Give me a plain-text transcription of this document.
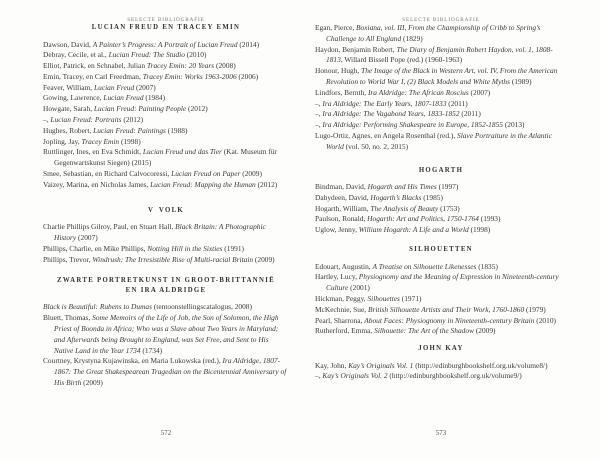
SELECTE BIBLIOGRAFIE
LUCIAN FREUD EN TRACEY EMIN

Dawson, David, A Painter’s Progress: A Portrait of Lucian Freud (2014)

Debray, Cecile, et al., Lucian Freud: The Studio (2010)

Elliot, Patrick, en Schnabel, Julian Tracey Emin: 20 Years (2008)

Emin, Tracey, en Carl Freedman, Tracey Emin: Works 1963-2006 (2006)

Feaver, William, Lucian Freud (2007)

Gowing, Lawrence, Lucian Freud (1984)

Howgate, Sarah, Lucian Freud: Painting People (2012)

–, Lucian Freud: Portraits (2012)

Hughes, Robert, Lucian Freud: Paintings (1988)

Jopling, Jay, Tracey Emin (1998)

Ruttlinger, Ines, en Eva Schmidt, Lucian Freud und das Tier (Kat. Museum für Gegenwartskunst Siegen) (2015)

Smee, Sebastian, en Richard Calvocoressi, Lucian Freud on Paper (2009)

Vaizey, Marina, en Nicholas James, Lucian Freud: Mapping the Human (2012)

V VOLK

Charlie Phillips Gilroy, Paul, en Stuart Hall, Black Britain: A Photographic History (2007)

Phillips, Charlie, en Mike Phillips, Notting Hill in the Sixties (1991)

Phillips, Trevor, Windrush: The Irresistible Rise of Multi-racial Britain (2009)

ZWARTE PORTRETKUNST IN GROOT-BRITTANNIË
EN IRA ALDRIDGE

Black is Beautiful: Rubens to Dumas (tentoonstellingscatalogus, 2008)

Bluett, Thomas, Some Memoirs of the Life of Job, the Son of Solomon, the High Priest of Boonda in Africa; Who was a Slave about Two Years in Maryland; and Afterwards being Brought to England, was Set Free, and Sent to His Native Land in the Year 1734 (1734)

Courtney, Krystyna Kujawinska, en Maria Lukowska (red.), Ira Aldridge, 1807-1867: The Great Shakespearean Tragedian on the Bicentennial Anniversary of His Birth (2009)

572
SELECTE BIBLIOGRAFIE

Egan, Pierce, Boxiana, vol. III, From the Championship of Cribb to Spring’s Challenge to All England (1829)

Haydon, Benjamin Robert, The Diary of Benjamin Robert Haydon, vol. 1, 1808-1813, Willard Bissell Pope (red.) (1960-1963)

Honour, Hugh, The Image of the Black in Western Art, vol. IV, From the American Revolution to World War I, (2) Black Models and White Myths (1989)

Lindfors, Bernth, Ira Aldridge: The African Roscius (2007)

–, Ira Aldridge: The Early Years, 1807-1833 (2011)

–, Ira Aldridge: The Vagabond Years, 1833-1852 (2011)

–, Ira Aldridge: Performing Shakespeare in Europe, 1852-1855 (2013)

Lugo-Ortiz, Agnes, en Angela Rosenthal (red.), Slave Portraiture in the Atlantic World (vol. 50, no. 2, 2015)

HOGARTH

Bindman, David, Hogarth and His Times (1997)

Dabydeen, David, Hogarth’s Blacks (1985)

Hogarth, William, The Analysis of Beauty (1753)

Paulson, Ronald, Hogarth: Art and Politics, 1750-1764 (1993)

Uglow, Jenny, William Hogarth: A Life and a World (1998)

SILHOUETTEN

Edouart, Augustin, A Treatise on Silhouette Likenesses (1835)

Hartley, Lucy, Physiognomy and the Meaning of Expression in Nineteenth-century Culture (2001)

Hickman, Peggy, Silhouettes (1971)

McKechnie, Sue, British Silhouette Artists and Their Work, 1760-1860 (1979)

Pearl, Sharrona, About Faces: Physiognomy in Nineteenth-century Britain (2010)

Rutherford, Emma, Silhouette: The Art of the Shadow (2009)

JOHN KAY

Kay, John, Kay’s Originals Vol. 1 (http://edinburghbookshelf.org.uk/volume8/)

–, Kay’s Originals Vol. 2 (http://edinburghbookshelf.org.uk/volume9/)

573
